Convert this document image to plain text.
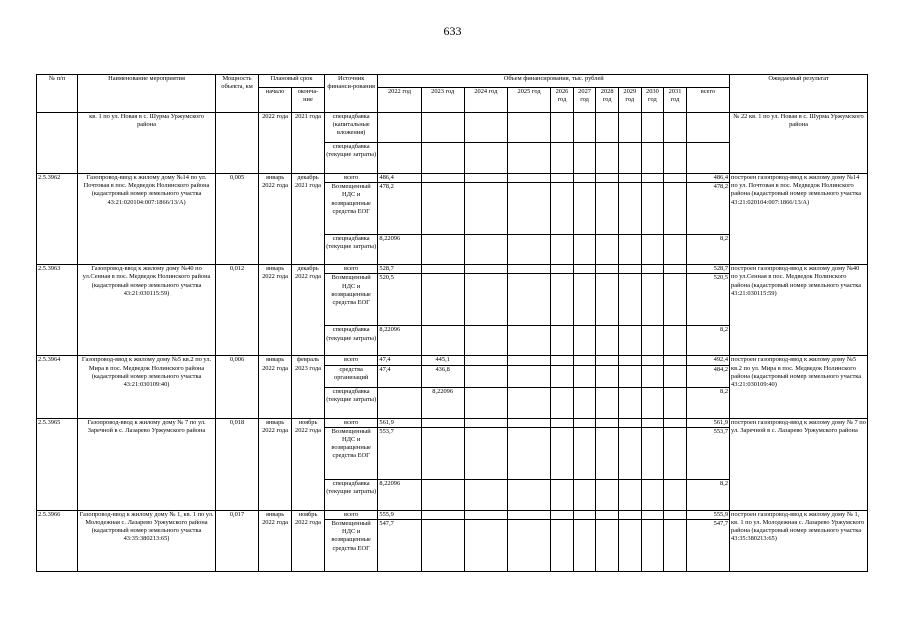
633
№ п/п	Наименование мероприятия	Мощность объекта, км	Плановый срок		Источник финанси-рования	Объем финансирования, тыс. рублей											Ожидаемый результат
			начало	оконча-ние		2022 год	2023 год	2024 год	2025 год	2026 год	2027 год	2028 год	2029 год	2030 год	2031 год	всего	
	кв. 1 по ул. Новая в с. Шурма Уржумского района		2022 года	2021 года	спецнадбавка (капитальные вложения)												№ 22 кв. 1 по ул. Новая в с. Шурма Уржумского района
					спецнадбавка (текущие затраты)												
2.5.3962	Газопровод-ввод к жилому дому №14 по ул. Почтовая в пос. Медведок Нолинского района (кадастровый номер земельного участка 43:21:020104:007:1866/13/А)	0,005	январь 2022 года	декабрь 2021 года	всего	486,4										486,4	построен газопровод-ввод к жилому дому №14 по ул. Почтовая в пос. Медведок Нолинского района (кадастровый номер земельного участка 43:21:020104:007:1866/13/А)
					Возмещенный НДС и возвращенные средства ЕОГ	478,2										478,2	
					спецнадбавка (текущие затраты)	8,22096										8,2	
2.5.3963	Газопровод-ввод к жилому дому №40 по ул.Сенная в пос. Медведок Нолинского района (кадастровый номер земельного участка 43:21:030115:59)	0,012	январь 2022 года	декабрь 2022 года	всего	528,7										528,7	построен газопровод-ввод к жилому дому №40 по ул.Сенная в пос. Медведок Нолинского района (кадастровый номер земельного участка 43:21:030115:59)
					Возмещенный НДС и возвращенные средства ЕОГ	520,5										520,5	
					спецнадбавка (текущие затраты)	8,22096										8,2	
2.5.3964	Газопровод-ввод к жилому дому №5 кв.2 по ул. Мира в пос. Медведок Нолинского района (кадастровый номер земельного участка 43:21:030109:40)	0,006	январь 2022 года	февраль 2023 года	всего	47,4	445,1									492,4	построен газопровод-ввод к жилому дому №5 кв.2 по ул. Мира в пос. Медведок Нолинского района (кадастровый номер земельного участка 43:21:030109:40)
					средства организаций	47,4	436,8									484,2	
					спецнадбавка (текущие затраты)		8,22096									8,2	
2.5.3965	Газопровод-ввод к жилому дому № 7 по ул. Заречной в с. Лазарево Уржумского района	0,018	январь 2022 года	ноябрь 2022 года	всего	561,9										561,9	построен газопровод-ввод к жилому дому № 7 по ул. Заречной в с. Лазарево Уржумского района
					Возмещенный НДС и возвращенные средства ЕОГ	553,7										553,7	
					спецнадбавка (текущие затраты)	8,22096										8,2	
2.5.3966	Газопровод-ввод к жилому дому № 1, кв. 1 по ул. Молодежная с. Лазарево Уржумского района (кадастровый номер земельного участка 43:35:380213:65)	0,017	январь 2022 года	ноябрь 2022 года	всего	555,9										555,9	построен газопровод-ввод к жилому дому № 1, кв. 1 по ул. Молодежная с. Лазарево Уржумского района (кадастровый номер земельного участка 43:35:380213:65)
					Возмещенный НДС и возвращенные средства ЕОГ	547,7										547,7	
